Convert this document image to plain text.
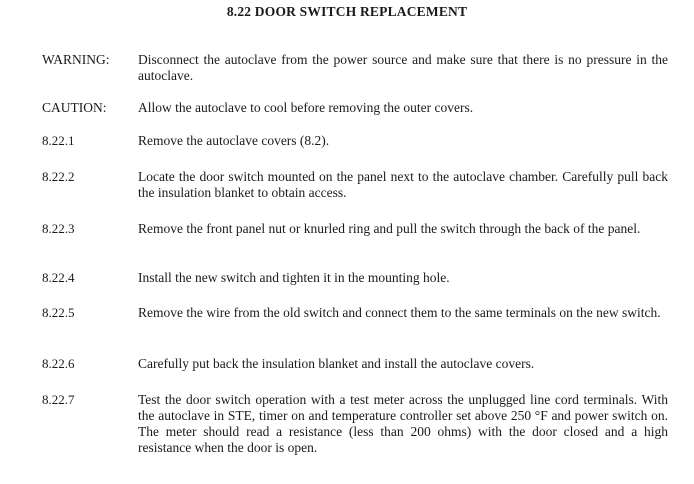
8.22 DOOR SWITCH REPLACEMENT
WARNING: Disconnect the autoclave from the power source and make sure that there is no pressure in the autoclave.
CAUTION: Allow the autoclave to cool before removing the outer covers.
8.22.1	Remove the autoclave covers (8.2).
8.22.2	Locate the door switch mounted on the panel next to the autoclave chamber. Carefully pull back the insulation blanket to obtain access.
8.22.3	Remove the front panel nut or knurled ring and pull the switch through the back of the panel.
8.22.4	Install the new switch and tighten it in the mounting hole.
8.22.5	Remove the wire from the old switch and connect them to the same terminals on the new switch.
8.22.6	Carefully put back the insulation blanket and install the autoclave covers.
8.22.7	Test the door switch operation with a test meter across the unplugged line cord terminals. With the autoclave in STE, timer on and temperature controller set above 250 °F and power switch on. The meter should read a resistance (less than 200 ohms) with the door closed and a high resistance when the door is open.
